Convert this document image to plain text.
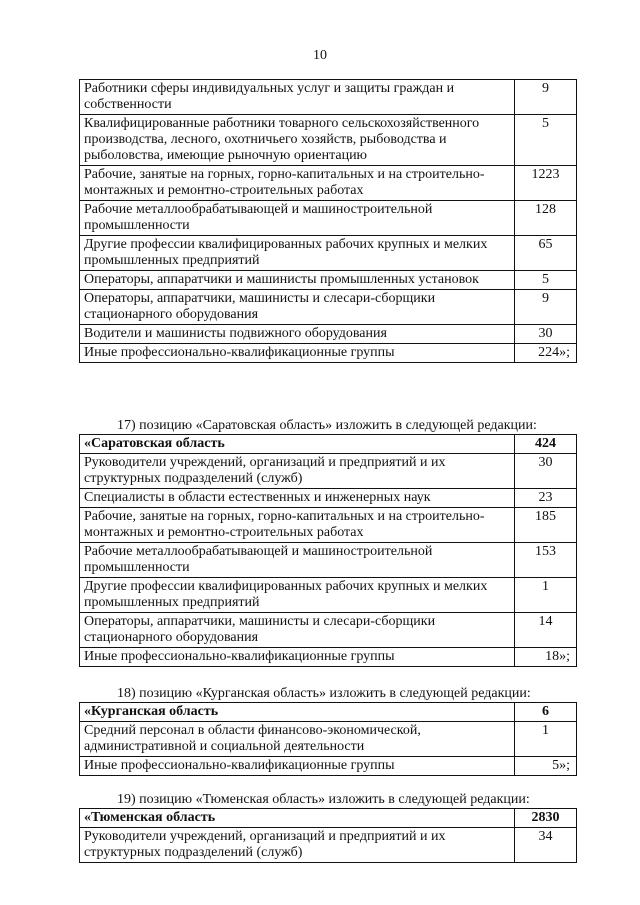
10
Работники сферы индивидуальных услуг и защиты граждан и собственности	9
Квалифицированные работники товарного сельскохозяйственного производства, лесного, охотничьего хозяйств, рыбоводства и рыболовства, имеющие рыночную ориентацию	5
Рабочие, занятые на горных, горно-капитальных и на строительно-монтажных и ремонтно-строительных работах	1223
Рабочие металлообрабатывающей и машиностроительной промышленности	128
Другие профессии квалифицированных рабочих крупных и мелких промышленных предприятий	65
Операторы, аппаратчики и машинисты промышленных установок	5
Операторы, аппаратчики, машинисты и слесари-сборщики стационарного оборудования	9
Водители и машинисты подвижного оборудования	30
Иные профессионально-квалификационные группы	224»;
17) позицию «Саратовская область» изложить в следующей редакции:
«Саратовская область	424
Руководители учреждений, организаций и предприятий и их структурных подразделений (служб)	30
Специалисты в области естественных и инженерных наук	23
Рабочие, занятые на горных, горно-капитальных и на строительно-монтажных и ремонтно-строительных работах	185
Рабочие металлообрабатывающей и машиностроительной промышленности	153
Другие профессии квалифицированных рабочих крупных и мелких промышленных предприятий	1
Операторы, аппаратчики, машинисты и слесари-сборщики стационарного оборудования	14
Иные профессионально-квалификационные группы	18»;
18) позицию «Курганская область» изложить в следующей редакции:
«Курганская область	6
Средний персонал в области финансово-экономической, административной и социальной деятельности	1
Иные профессионально-квалификационные группы	5»;
19) позицию «Тюменская область» изложить в следующей редакции:
«Тюменская область	2830
Руководители учреждений, организаций и предприятий и их структурных подразделений (служб)	34
